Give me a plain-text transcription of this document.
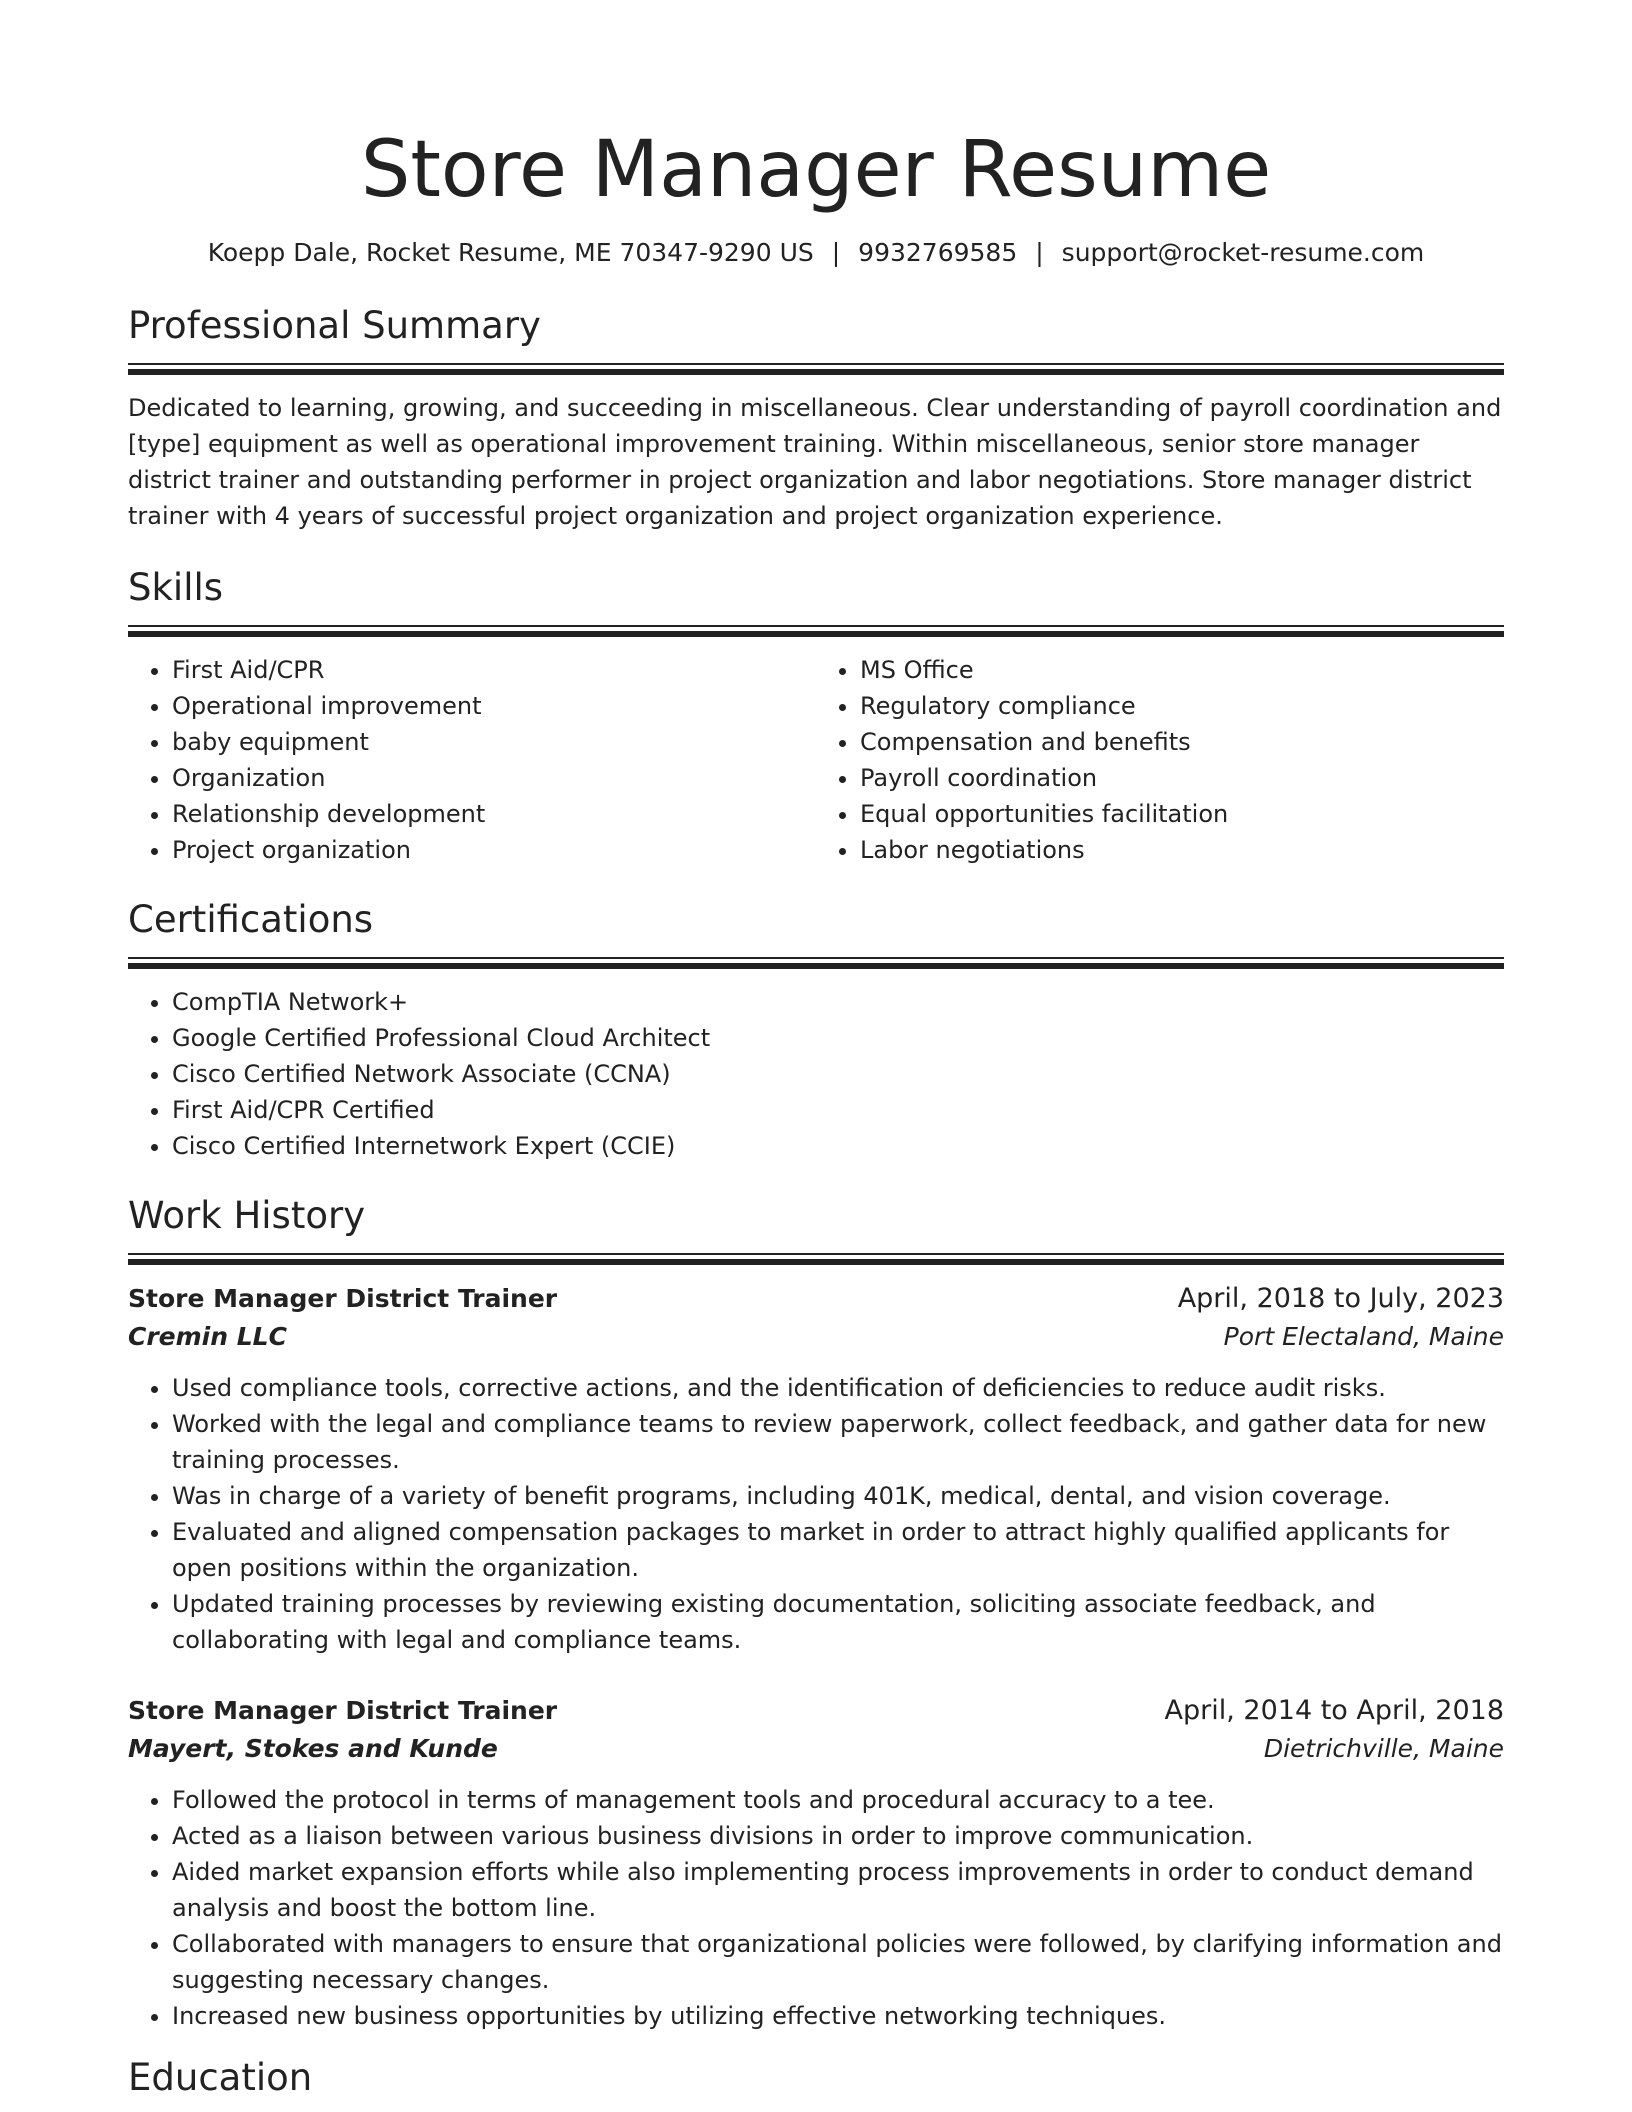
Store Manager Resume
Koepp Dale, Rocket Resume, ME 70347-9290 US | 9932769585 | support@rocket-resume.com
Professional Summary

Dedicated to learning, growing, and succeeding in miscellaneous. Clear understanding of payroll coordination and [type] equipment as well as operational improvement training. Within miscellaneous, senior store manager district trainer and outstanding performer in project organization and labor negotiations. Store manager district trainer with 4 years of successful project organization and project organization experience.

Skills
• First Aid/CPR
• Operational improvement
• baby equipment
• Organization
• Relationship development
• Project organization
• MS Office
• Regulatory compliance
• Compensation and benefits
• Payroll coordination
• Equal opportunities facilitation
• Labor negotiations
Certifications
• CompTIA Network+
• Google Certified Professional Cloud Architect
• Cisco Certified Network Associate (CCNA)
• First Aid/CPR Certified
• Cisco Certified Internetwork Expert (CCIE)
Work History
Store Manager District Trainer	April, 2018 to July, 2023
Cremin LLC	Port Electaland, Maine
• Used compliance tools, corrective actions, and the identification of deficiencies to reduce audit risks.
• Worked with the legal and compliance teams to review paperwork, collect feedback, and gather data for new training processes.
• Was in charge of a variety of benefit programs, including 401K, medical, dental, and vision coverage.
• Evaluated and aligned compensation packages to market in order to attract highly qualified applicants for open positions within the organization.
• Updated training processes by reviewing existing documentation, soliciting associate feedback, and collaborating with legal and compliance teams.
Store Manager District Trainer	April, 2014 to April, 2018
Mayert, Stokes and Kunde	Dietrichville, Maine
• Followed the protocol in terms of management tools and procedural accuracy to a tee.
• Acted as a liaison between various business divisions in order to improve communication.
• Aided market expansion efforts while also implementing process improvements in order to conduct demand analysis and boost the bottom line.
• Collaborated with managers to ensure that organizational policies were followed, by clarifying information and suggesting necessary changes.
• Increased new business opportunities by utilizing effective networking techniques.
Education
